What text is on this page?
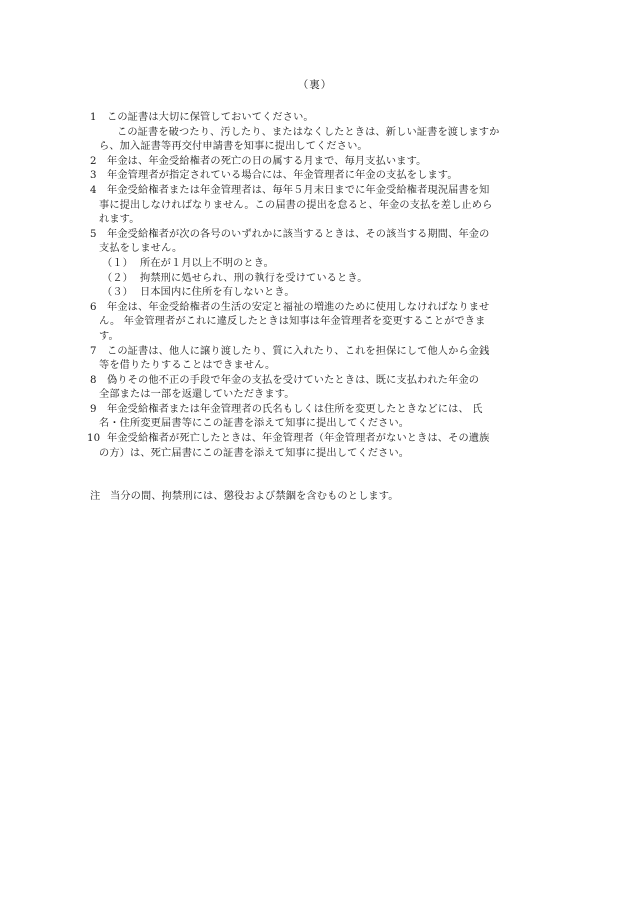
（裏）
1	この証書は大切に保管しておいてください。
この証書を破つたり、汚したり、またはなくしたときは、新しい証書を渡しますか
ら、加入証書等再交付申請書を知事に提出してください。
2	年金は、年金受給権者の死亡の日の属する月まで、毎月支払います。
3	年金管理者が指定されている場合には、年金管理者に年金の支払をします。
4	年金受給権者または年金管理者は、毎年５月末日までに年金受給権者現況届書を知
事に提出しなければなりません。この届書の提出を怠ると、年金の支払を差し止めら
れます。
5	年金受給権者が次の各号のいずれかに該当するときは、その該当する期間、年金の
支払をしません。
（１） 所在が１月以上不明のとき。
（２） 拘禁刑に処せられ、刑の執行を受けているとき。
（３） 日本国内に住所を有しないとき。
6	年金は、年金受給権者の生活の安定と福祉の増進のために使用しなければなりませ
ん。 年金管理者がこれに違反したときは知事は年金管理者を変更することができま
す。
7	この証書は、他人に譲り渡したり、質に入れたり、これを担保にして他人から金銭
等を借りたりすることはできません。
8	偽りその他不正の手段で年金の支払を受けていたときは、既に支払われた年金の
全部または一部を返還していただきます。
9	年金受給権者または年金管理者の氏名もしくは住所を変更したときなどには、 氏
名・住所変更届書等にこの証書を添えて知事に提出してください。
10 年金受給権者が死亡したときは、年金管理者（年金管理者がないときは、その遺族
の方）は、死亡届書にこの証書を添えて知事に提出してください。
注 当分の間、拘禁刑には、懲役および禁錮を含むものとします。
